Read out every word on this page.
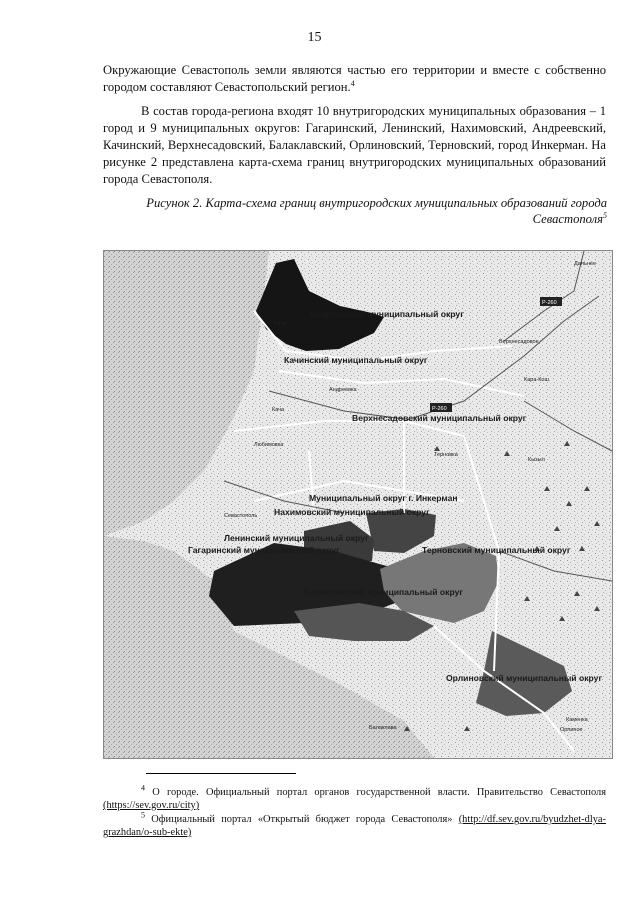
15
Окружающие Севастополь земли являются частью его территории и вместе с собственно городом составляют Севастопольский регион.$^4$
В состав города-региона входят 10 внутригородских муниципальных образования – 1 город и 9 муниципальных округов: Гагаринский, Ленинский, Нахимовский, Андреевский, Качинский, Верхнесадовский, Балаклавский, Орлиновский, Терновский, город Инкерман. На рисунке 2 представлена карта-схема границ внутригородских муниципальных образований города Севастополя.
Рисунок 2. Карта-схема границ внутригородских муниципальных образований города Севастополя$^5$
Р-260
Р-260
Дальнее
Кача
Верхнесадовое
Кача
Любимовка
Андреевка
Кара-Кош
Кызыл
Орлиное
Балаклава
Терновка
Каменка
Андреевский муниципальный округ
Качинский муниципальный округ
Верхнесадовский муниципальный округ
Муниципальный округ г. Инкерман
Нахимовский муниципальный округ
Ленинский муниципальный округ
Гагаринский муниципальный округ	Терновский муниципальный округ
Балаклавский муниципальный округ
Орлиновский муниципальный округ
Севастополь
$^4$ О городе. Официальный портал органов государственной власти. Правительство Севастополя (https://sev.gov.ru/city)
$^5$ Официальный портал «Открытый бюджет города Севастополя» (http://df.sev.gov.ru/byudzhet-dlya-grazhdan/o-sub-ekte)
